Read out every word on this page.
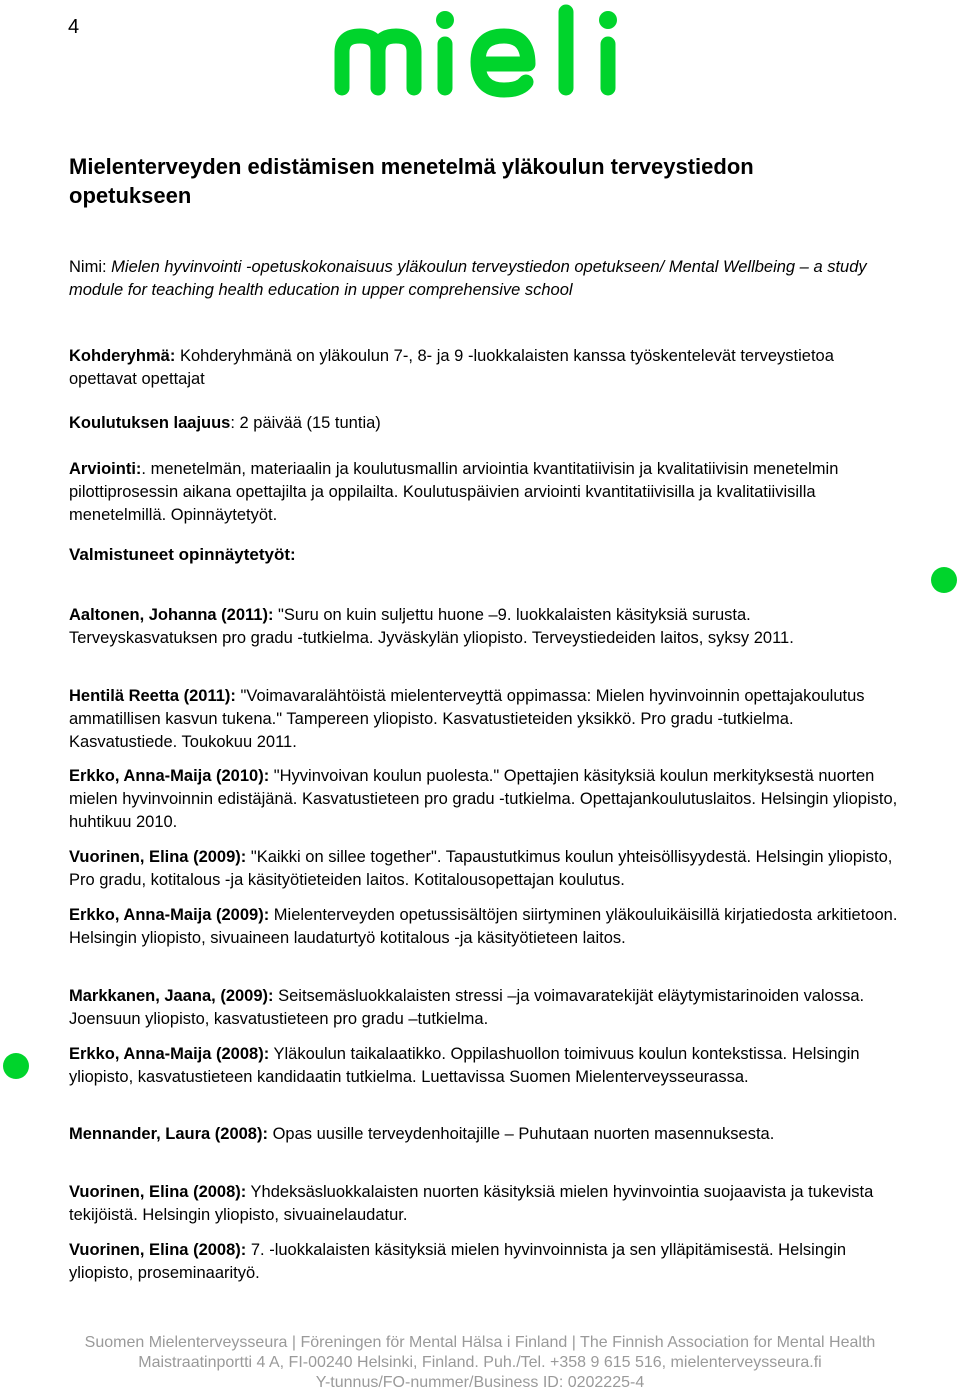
4
Mielenterveyden edistämisen menetelmä yläkoulun terveystiedon opetukseen

Nimi: Mielen hyvinvointi -opetuskokonaisuus yläkoulun terveystiedon opetukseen/ Mental Wellbeing – a study module for teaching health education in upper comprehensive school

Kohderyhmä: Kohderyhmänä on yläkoulun 7-, 8- ja 9 -luokkalaisten kanssa työskentelevät terveystietoa opettavat opettajat

Koulutuksen laajuus: 2 päivää (15 tuntia)

Arviointi:. menetelmän, materiaalin ja koulutusmallin arviointia kvantitatiivisin ja kvalitatiivisin menetelmin pilottiprosessin aikana opettajilta ja oppilailta. Koulutuspäivien arviointi kvantitatiivisilla ja kvalitatiivisilla menetelmillä. Opinnäytetyöt.

Valmistuneet opinnäytetyöt:

Aaltonen, Johanna (2011): "Suru on kuin suljettu huone –9. luokkalaisten käsityksiä surusta. Terveyskasvatuksen pro gradu -tutkielma. Jyväskylän yliopisto. Terveystiedeiden laitos, syksy 2011.

Hentilä Reetta (2011): "Voimavaralähtöistä mielenterveyttä oppimassa: Mielen hyvinvoinnin opettajakoulutus ammatillisen kasvun tukena." Tampereen yliopisto. Kasvatustieteiden yksikkö. Pro gradu -tutkielma. Kasvatustiede. Toukokuu 2011.

Erkko, Anna-Maija (2010): "Hyvinvoivan koulun puolesta." Opettajien käsityksiä koulun merkityksestä nuorten mielen hyvinvoinnin edistäjänä. Kasvatustieteen pro gradu -tutkielma. Opettajankoulutuslaitos. Helsingin yliopisto, huhtikuu 2010.

Vuorinen, Elina (2009): "Kaikki on sillee together". Tapaustutkimus koulun yhteisöllisyydestä. Helsingin yliopisto, Pro gradu, kotitalous -ja käsityötieteiden laitos. Kotitalousopettajan koulutus.

Erkko, Anna-Maija (2009): Mielenterveyden opetussisältöjen siirtyminen yläkouluikäisillä kirjatiedosta arkitietoon. Helsingin yliopisto, sivuaineen laudaturtyö kotitalous -ja käsityötieteen laitos.

Markkanen, Jaana, (2009): Seitsemäsluokkalaisten stressi –ja voimavaratekijät eläytymistarinoiden valossa. Joensuun yliopisto, kasvatustieteen pro gradu –tutkielma.

Erkko, Anna-Maija (2008): Yläkoulun taikalaatikko. Oppilashuollon toimivuus koulun kontekstissa. Helsingin yliopisto, kasvatustieteen kandidaatin tutkielma. Luettavissa Suomen Mielenterveysseurassa.

Mennander, Laura (2008): Opas uusille terveydenhoitajille – Puhutaan nuorten masennuksesta.

Vuorinen, Elina (2008): Yhdeksäsluokkalaisten nuorten käsityksiä mielen hyvinvointia suojaavista ja tukevista tekijöistä. Helsingin yliopisto, sivuainelaudatur.

Vuorinen, Elina (2008): 7. -luokkalaisten käsityksiä mielen hyvinvoinnista ja sen ylläpitämisestä. Helsingin yliopisto, proseminaarityö.

Suomen Mielenterveysseura | Föreningen för Mental Hälsa i Finland | The Finnish Association for Mental Health
Maistraatinportti 4 A, FI-00240 Helsinki, Finland. Puh./Tel. +358 9 615 516, mielenterveysseura.fi
Y-tunnus/FO-nummer/Business ID: 0202225-4
